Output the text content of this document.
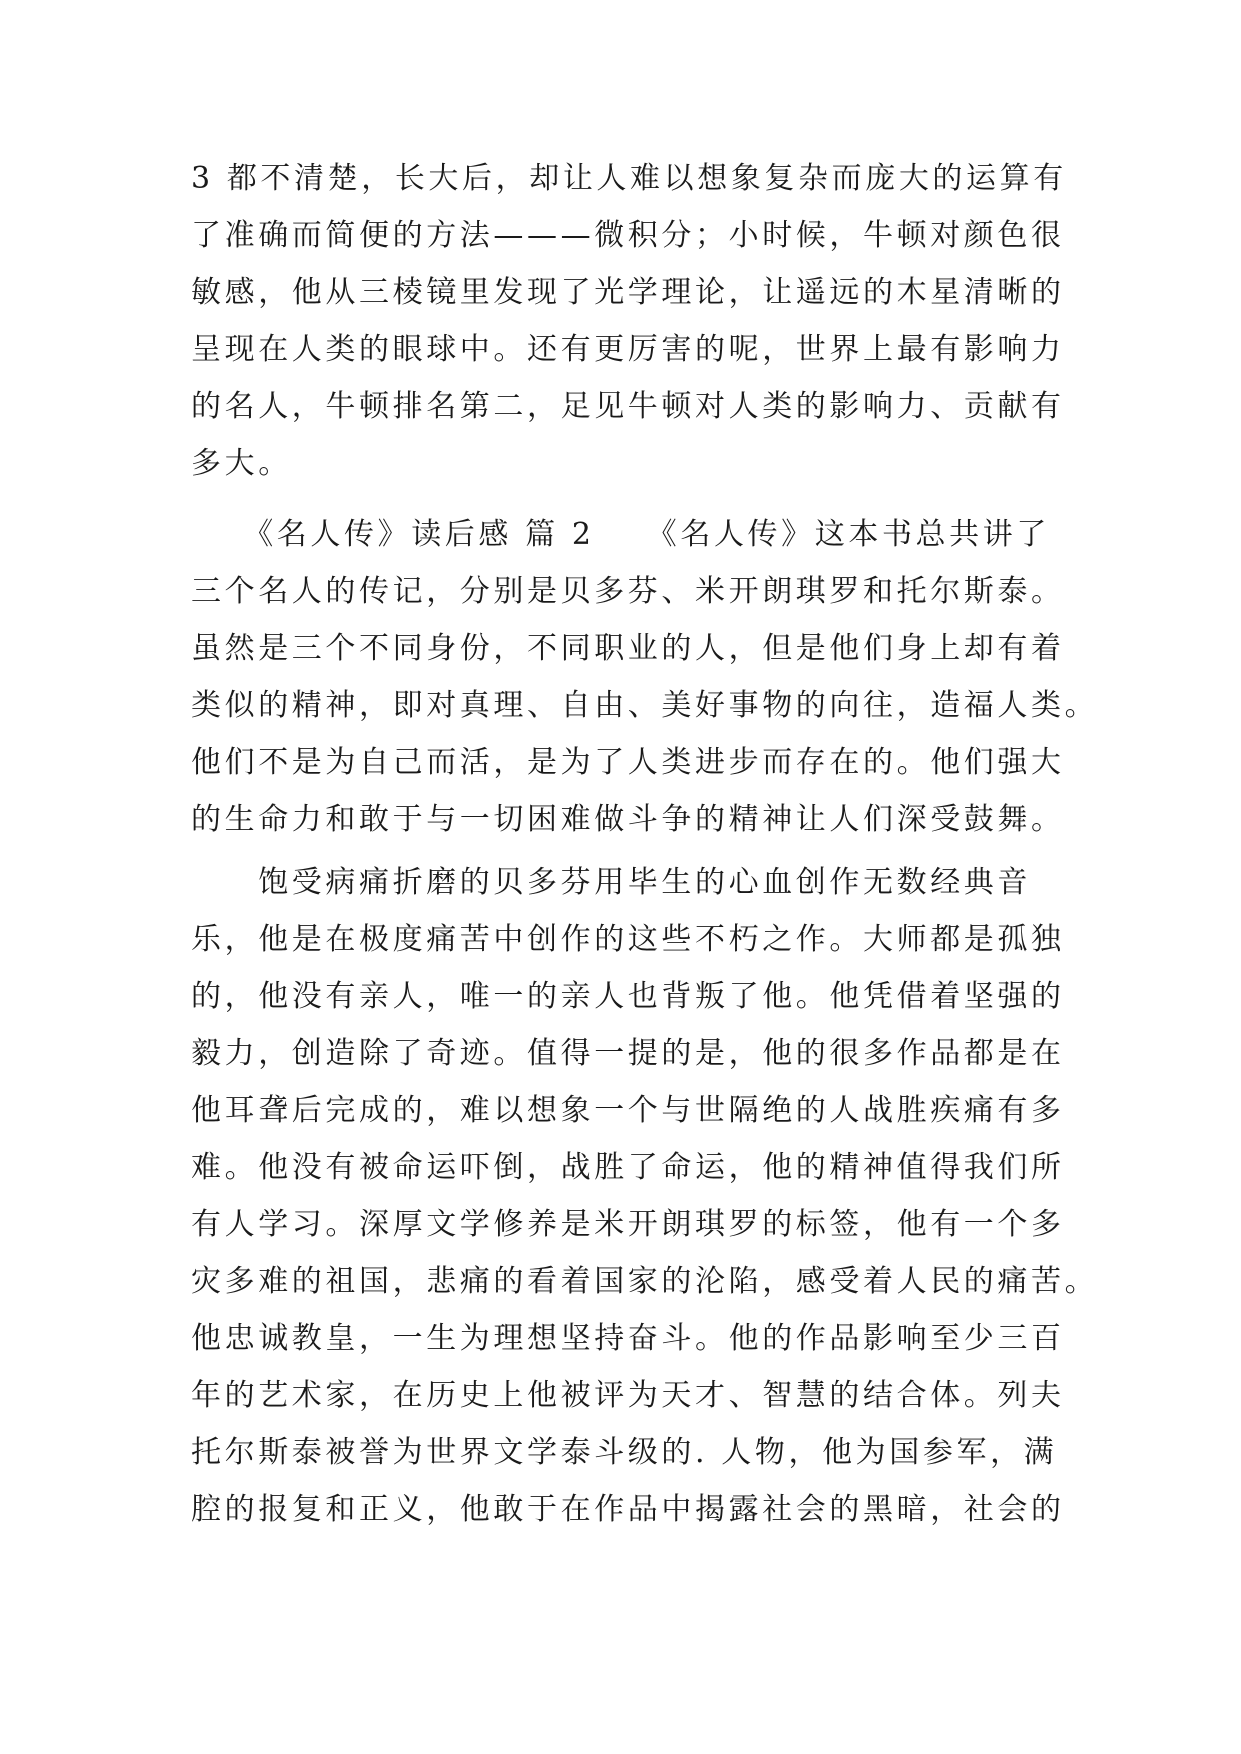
3 都不清楚，长大后，却让人难以想象复杂而庞大的运算有
了准确而简便的方法———微积分；小时候，牛顿对颜色很
敏感，他从三棱镜里发现了光学理论，让遥远的木星清晰的
呈现在人类的眼球中。还有更厉害的呢，世界上最有影响力
的名人，牛顿排名第二，足见牛顿对人类的影响力、贡献有
多大。
　　《名人传》读后感 篇 2　　《名人传》这本书总共讲了
三个名人的传记，分别是贝多芬、米开朗琪罗和托尔斯泰。
虽然是三个不同身份，不同职业的人，但是他们身上却有着
类似的精神，即对真理、自由、美好事物的向往，造福人类。
他们不是为自己而活，是为了人类进步而存在的。他们强大
的生命力和敢于与一切困难做斗争的精神让人们深受鼓舞。
　　饱受病痛折磨的贝多芬用毕生的心血创作无数经典音
乐，他是在极度痛苦中创作的这些不朽之作。大师都是孤独
的，他没有亲人，唯一的亲人也背叛了他。他凭借着坚强的
毅力，创造除了奇迹。值得一提的是，他的很多作品都是在
他耳聋后完成的，难以想象一个与世隔绝的人战胜疾痛有多
难。他没有被命运吓倒，战胜了命运，他的精神值得我们所
有人学习。深厚文学修养是米开朗琪罗的标签，他有一个多
灾多难的祖国，悲痛的看着国家的沦陷，感受着人民的痛苦。
他忠诚教皇，一生为理想坚持奋斗。他的作品影响至少三百
年的艺术家，在历史上他被评为天才、智慧的结合体。列夫
托尔斯泰被誉为世界文学泰斗级的. 人物，他为国参军，满
腔的报复和正义，他敢于在作品中揭露社会的黑暗，社会的
